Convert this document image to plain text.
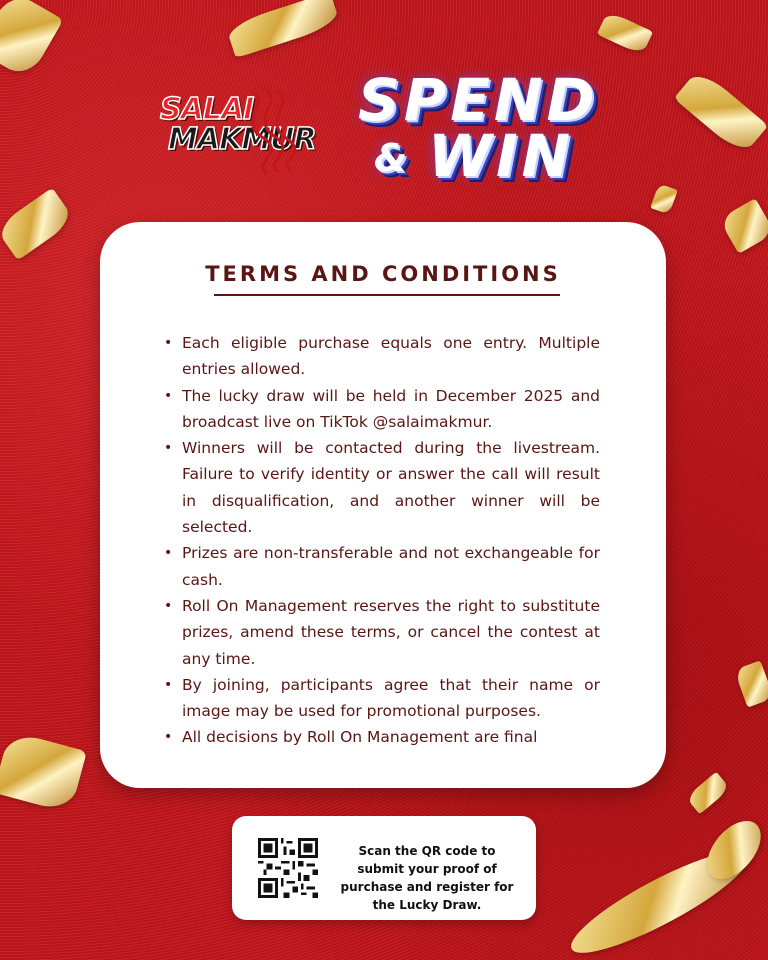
SALAI
MAKMUR
SPEND
& WIN
TERMS AND CONDITIONS
• Each eligible purchase equals one entry. Multiple entries allowed.
• The lucky draw will be held in December 2025 and broadcast live on TikTok @salaimakmur.
• Winners will be contacted during the livestream. Failure to verify identity or answer the call will result in disqualification, and another winner will be selected.
• Prizes are non-transferable and not exchangeable for cash.
• Roll On Management reserves the right to substitute prizes, amend these terms, or cancel the contest at any time.
• By joining, participants agree that their name or image may be used for promotional purposes.
• All decisions by Roll On Management are final
Scan the QR code to submit your proof of purchase and register for the Lucky Draw.
